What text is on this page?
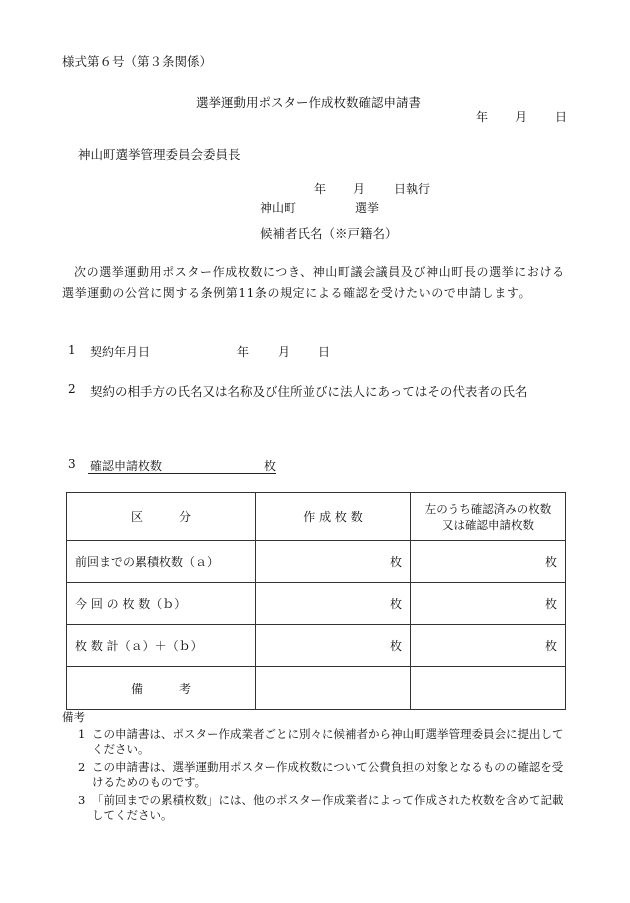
様式第６号（第３条関係）
選挙運動用ポスター作成枚数確認申請書
年 月 日
神山町選挙管理委員会委員長
年 月 日執行
神山町	選挙
候補者氏名（※戸籍名）
次の選挙運動用ポスター作成枚数につき、神山町議会議員及び神山町長の選挙における選挙運動の公営に関する条例第11条の規定による確認を受けたいので申請します。
1 契約年月日	年 月 日
2 契約の相手方の氏名又は名称及び住所並びに法人にあってはその代表者の氏名
3 確認申請枚数	枚
区　　　分	作 成 枚 数	左のうち確認済みの枚数
又は確認申請枚数

前回までの累積枚数（ａ）	枚	枚
今 回 の 枚 数（ｂ）	枚	枚
枚 数 計（ａ）＋（ｂ）	枚	枚
備　　　考		
備考
1 この申請書は、ポスター作成業者ごとに別々に候補者から神山町選挙管理委員会に提出してください。
2 この申請書は、選挙運動用ポスター作成枚数について公費負担の対象となるものの確認を受けるためのものです。
3 「前回までの累積枚数」には、他のポスター作成業者によって作成された枚数を含めて記載してください。
